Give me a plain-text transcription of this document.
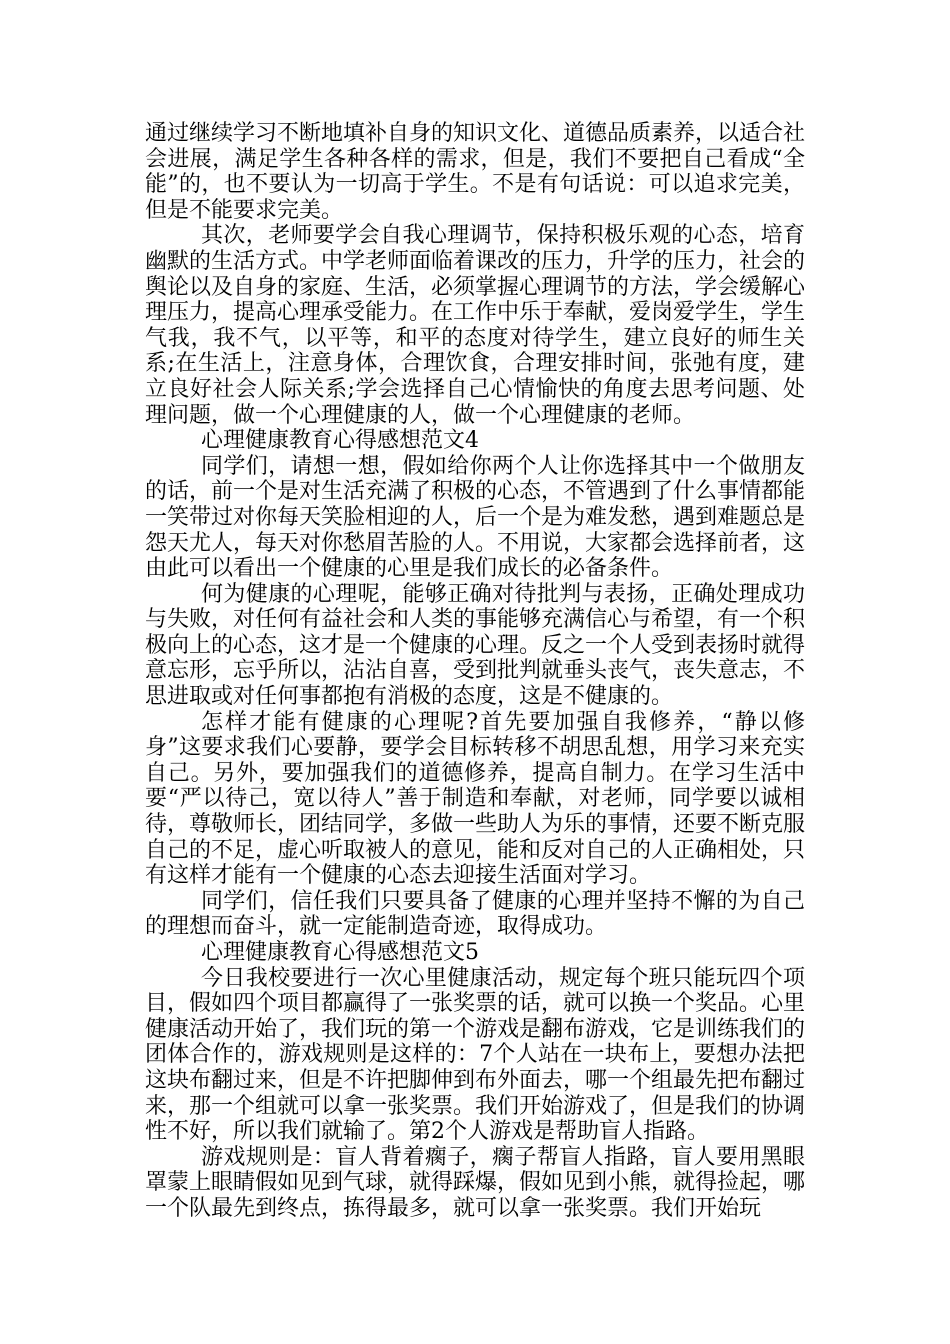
通过继续学习不断地填补自身的知识文化、道德品质素养，以适合社会进展，满足学生各种各样的需求，但是，我们不要把自己看成“全能”的，也不要认为一切高于学生。不是有句话说：可以追求完美，但是不能要求完美。

其次，老师要学会自我心理调节，保持积极乐观的心态，培育幽默的生活方式。中学老师面临着课改的压力，升学的压力，社会的舆论以及自身的家庭、生活，必须掌握心理调节的方法，学会缓解心理压力，提高心理承受能力。在工作中乐于奉献，爱岗爱学生，学生气我，我不气，以平等，和平的态度对待学生，建立良好的师生关系;在生活上，注意身体，合理饮食，合理安排时间，张弛有度，建立良好社会人际关系;学会选择自己心情愉快的角度去思考问题、处理问题，做一个心理健康的人，做一个心理健康的老师。

心理健康教育心得感想范文4

同学们，请想一想，假如给你两个人让你选择其中一个做朋友的话，前一个是对生活充满了积极的心态，不管遇到了什么事情都能一笑带过对你每天笑脸相迎的人，后一个是为难发愁，遇到难题总是怨天尤人，每天对你愁眉苦脸的人。不用说，大家都会选择前者，这由此可以看出一个健康的心里是我们成长的必备条件。

何为健康的心理呢，能够正确对待批判与表扬，正确处理成功与失败，对任何有益社会和人类的事能够充满信心与希望，有一个积极向上的心态，这才是一个健康的心理。反之一个人受到表扬时就得意忘形，忘乎所以，沾沾自喜，受到批判就垂头丧气，丧失意志，不思进取或对任何事都抱有消极的态度，这是不健康的。

怎样才能有健康的心理呢?首先要加强自我修养，“静以修身”这要求我们心要静，要学会目标转移不胡思乱想，用学习来充实自己。另外，要加强我们的道德修养，提高自制力。在学习生活中要“严以待己，宽以待人”善于制造和奉献，对老师，同学要以诚相待，尊敬师长，团结同学，多做一些助人为乐的事情，还要不断克服自己的不足，虚心听取被人的意见，能和反对自己的人正确相处，只有这样才能有一个健康的心态去迎接生活面对学习。

同学们，信任我们只要具备了健康的心理并坚持不懈的为自己的理想而奋斗，就一定能制造奇迹，取得成功。

心理健康教育心得感想范文5

今日我校要进行一次心里健康活动，规定每个班只能玩四个项目，假如四个项目都赢得了一张奖票的话，就可以换一个奖品。心里健康活动开始了，我们玩的第一个游戏是翻布游戏，它是训练我们的团体合作的，游戏规则是这样的：7个人站在一块布上，要想办法把这块布翻过来，但是不许把脚伸到布外面去，哪一个组最先把布翻过来，那一个组就可以拿一张奖票。我们开始游戏了，但是我们的协调性不好，所以我们就输了。第2个人游戏是帮助盲人指路。

游戏规则是：盲人背着瘸子，瘸子帮盲人指路，盲人要用黑眼罩蒙上眼睛假如见到气球，就得踩爆，假如见到小熊，就得捡起，哪一个队最先到终点，拣得最多，就可以拿一张奖票。我们开始玩
